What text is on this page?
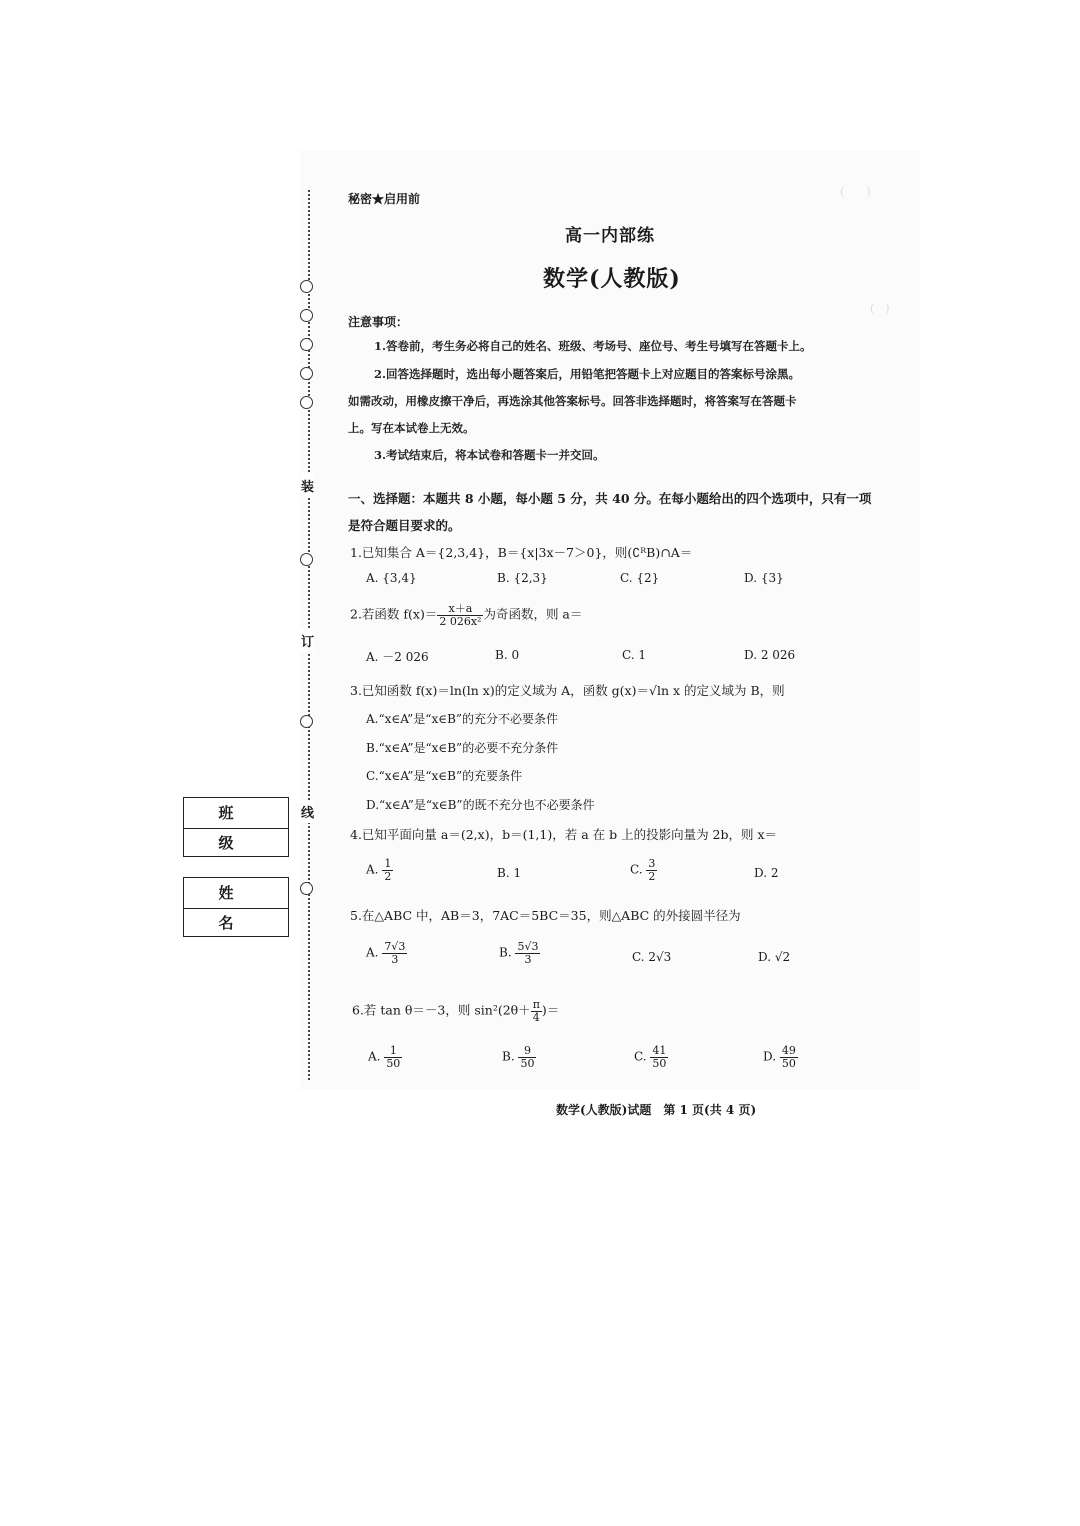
(　　)
(　)
装
订
线
班　级
姓　名
秘密★启用前
高一内部练
数学(人教版)
注意事项：
1.答卷前，考生务必将自己的姓名、班级、考场号、座位号、考生号填写在答题卡上。
2.回答选择题时，选出每小题答案后，用铅笔把答题卡上对应题目的答案标号涂黑。
如需改动，用橡皮擦干净后，再选涂其他答案标号。回答非选择题时，将答案写在答题卡
上。写在本试卷上无效。
3.考试结束后，将本试卷和答题卡一并交回。
一、选择题：本题共 8 小题，每小题 5 分，共 40 分。在每小题给出的四个选项中，只有一项
是符合题目要求的。
1.已知集合 A＝{2,3,4}，B＝{x|3x－7＞0}，则(∁ᴿB)∩A＝
A. {3,4}	B. {2,3}	C. {2}	D. {3}
2.若函数 $f(x)= \frac{x+a}{\text{2 026x²}}$ 为奇函数，则 a＝
A. －2 026	B. 0	C. 1	D. 2 026
3.已知函数 f(x)＝ln(ln x)的定义域为 A，函数 g(x)＝√ln x 的定义域为 B，则
A.“x∈A”是“x∈B”的充分不必要条件
B.“x∈A”是“x∈B”的必要不充分条件
C.“x∈A”是“x∈B”的充要条件
D.“x∈A”是“x∈B”的既不充分也不必要条件
4.已知平面向量 a＝(2,x)，b＝(1,1)，若 a 在 b 上的投影向量为 2b，则 x＝
A. $\frac{1}{2}$	B. 1	C. $\frac{3}{2}$	D. 2
5.在△ABC 中，AB＝3，7AC＝5BC＝35，则△ABC 的外接圆半径为
A. $\frac{7√3}{3}$	B. $\frac{5√3}{3}$	C. 2√3	D. √2
6.若 tan θ＝－3，则 $\sin^2(2\theta+ \frac{\pi}{4}$ )＝
A. $\frac{1}{50}$	B. $\frac{9}{50}$	C. $\frac{41}{50}$	D. $\frac{49}{50}$
数学(人教版)试题　第 1 页(共 4 页)
